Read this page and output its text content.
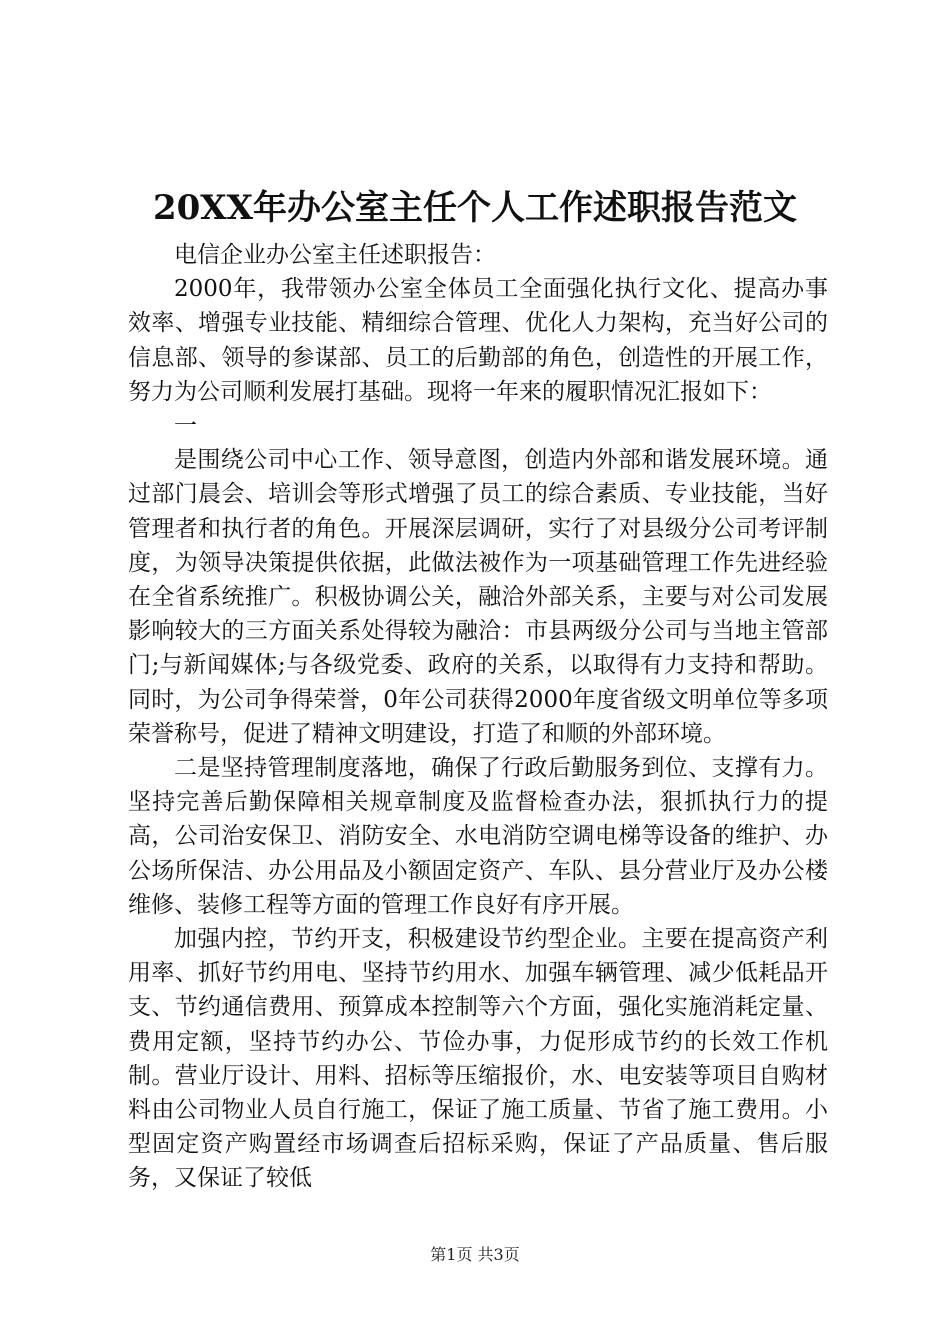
20XX年办公室主任个人工作述职报告范文

电信企业办公室主任述职报告：

2000年，我带领办公室全体员工全面强化执行文化、提高办事效率、增强专业技能、精细综合管理、优化人力架构，充当好公司的信息部、领导的参谋部、员工的后勤部的角色，创造性的开展工作，努力为公司顺利发展打基础。现将一年来的履职情况汇报如下：

一

是围绕公司中心工作、领导意图，创造内外部和谐发展环境。通过部门晨会、培训会等形式增强了员工的综合素质、专业技能，当好管理者和执行者的角色。开展深层调研，实行了对县级分公司考评制度，为领导决策提供依据，此做法被作为一项基础管理工作先进经验在全省系统推广。积极协调公关，融洽外部关系，主要与对公司发展影响较大的三方面关系处得较为融洽：市县两级分公司与当地主管部门;与新闻媒体;与各级党委、政府的关系，以取得有力支持和帮助。同时，为公司争得荣誉，0年公司获得2000年度省级文明单位等多项荣誉称号，促进了精神文明建设，打造了和顺的外部环境。

二是坚持管理制度落地，确保了行政后勤服务到位、支撑有力。坚持完善后勤保障相关规章制度及监督检查办法，狠抓执行力的提高，公司治安保卫、消防安全、水电消防空调电梯等设备的维护、办公场所保洁、办公用品及小额固定资产、车队、县分营业厅及办公楼维修、装修工程等方面的管理工作良好有序开展。

加强内控，节约开支，积极建设节约型企业。主要在提高资产利用率、抓好节约用电、坚持节约用水、加强车辆管理、减少低耗品开支、节约通信费用、预算成本控制等六个方面，强化实施消耗定量、费用定额，坚持节约办公、节俭办事，力促形成节约的长效工作机制。营业厅设计、用料、招标等压缩报价，水、电安装等项目自购材料由公司物业人员自行施工，保证了施工质量、节省了施工费用。小型固定资产购置经市场调查后招标采购，保证了产品质量、售后服务，又保证了较低

第1页 共3页
